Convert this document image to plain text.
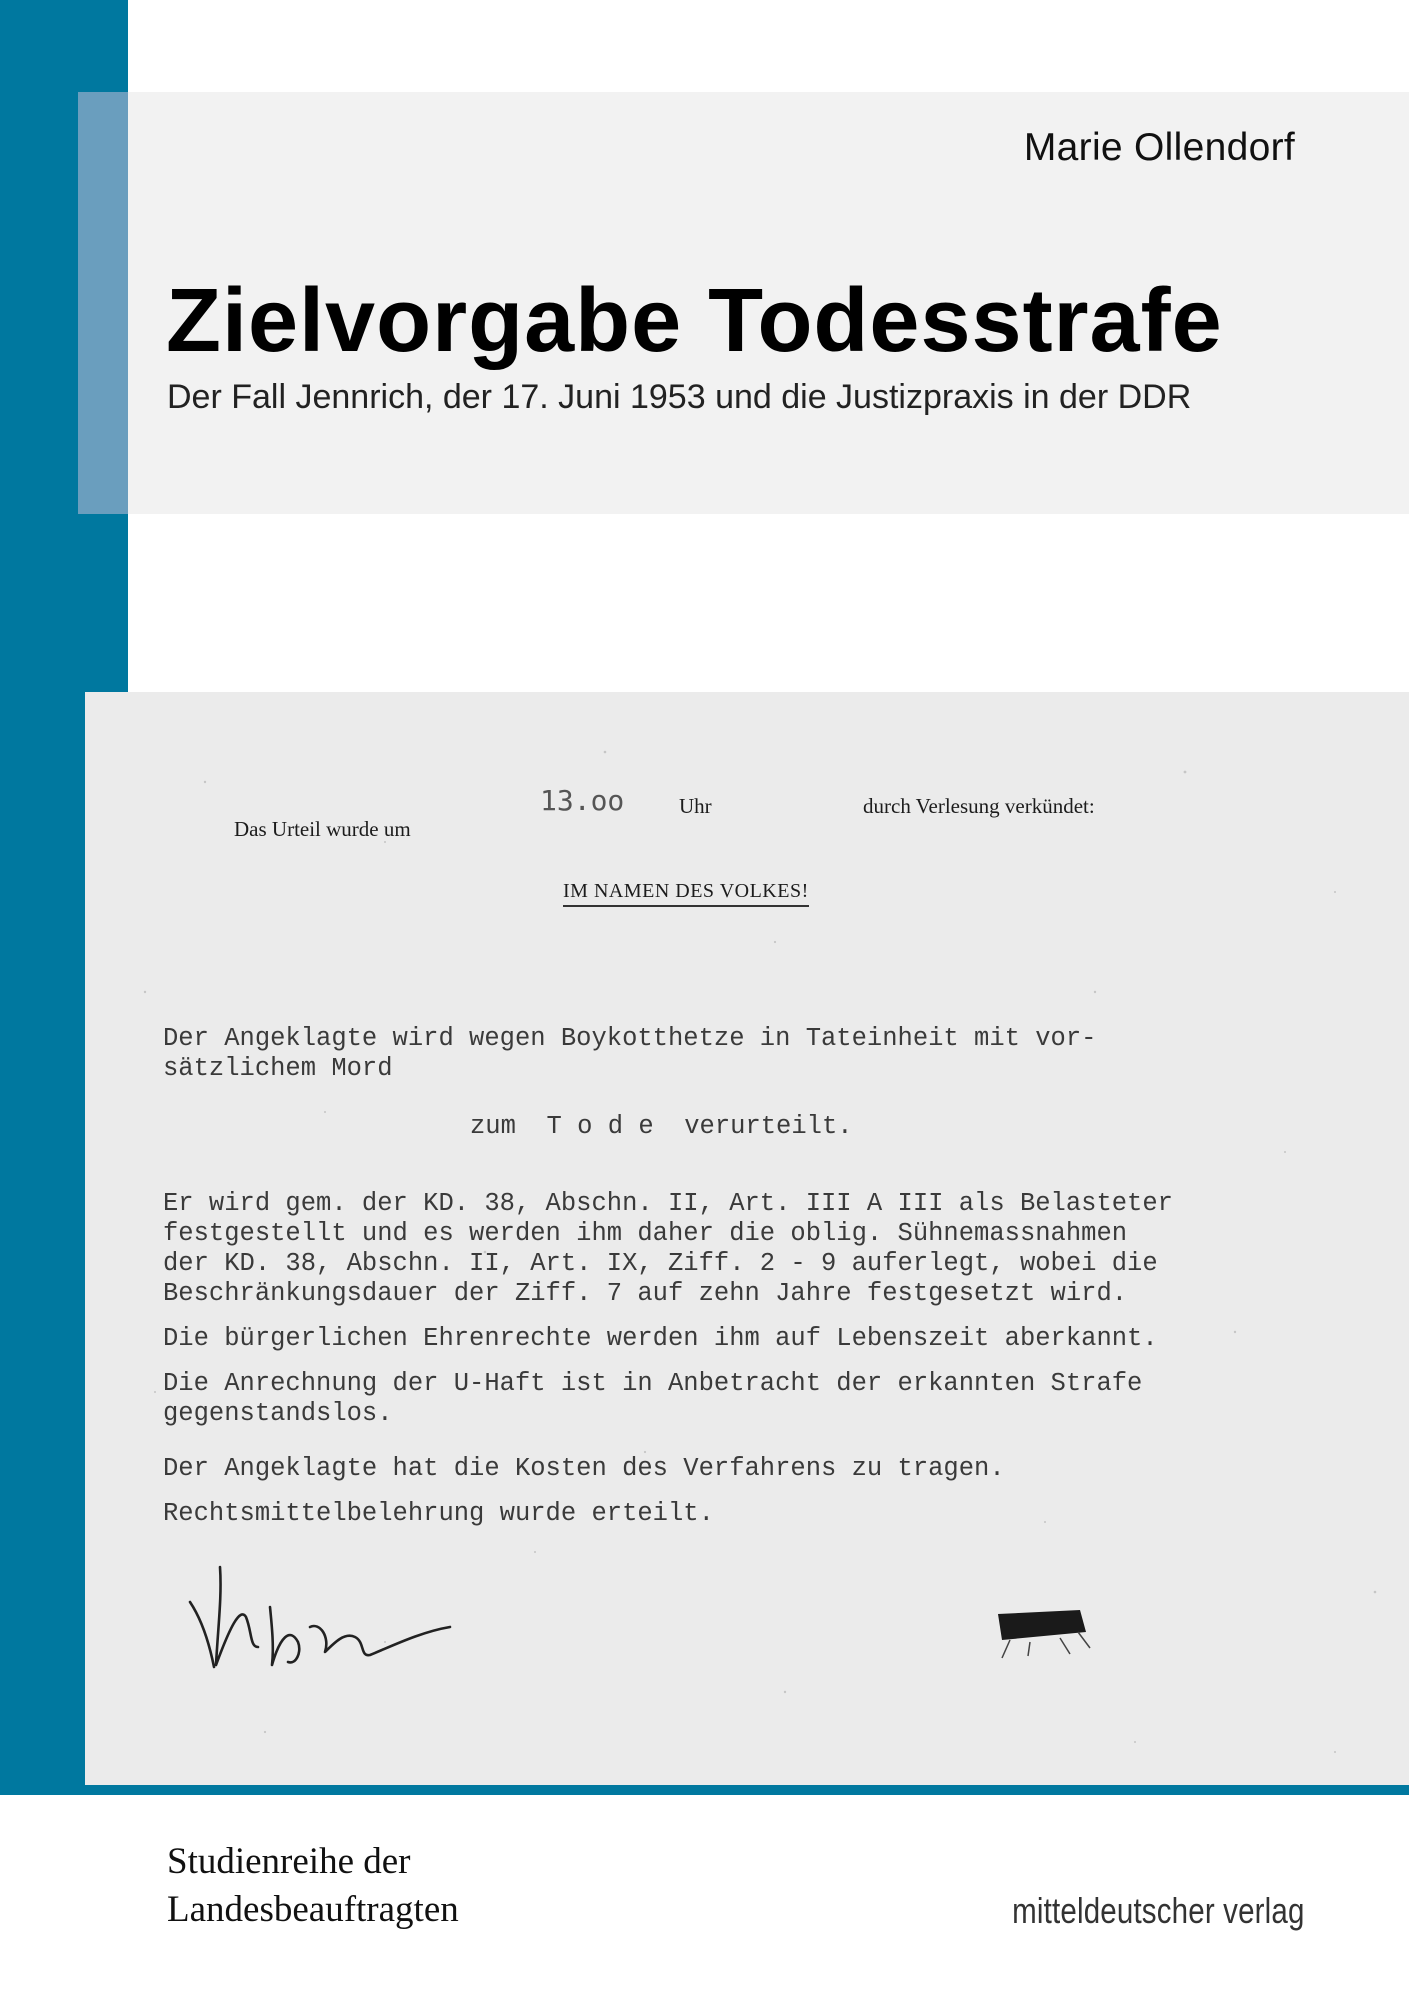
Marie Ollendorf
Zielvorgabe Todesstrafe
Der Fall Jennrich, der 17. Juni 1953 und die Justizpraxis in der DDR

Das Urteil wurde um

13.oo	Uhr	durch Verlesung verkündet:
IM NAMEN DES VOLKES!
Der Angeklagte wird wegen Boykotthetze in Tateinheit mit vor-
sätzlichem Mord
zum  T o d e  verurteilt.
Er wird gem. der KD. 38, Abschn. II, Art. III A III als Belasteter
festgestellt und es werden ihm daher die oblig. Sühnemassnahmen
der KD. 38, Abschn. II, Art. IX, Ziff. 2 - 9 auferlegt, wobei die
Beschränkungsdauer der Ziff. 7 auf zehn Jahre festgesetzt wird.
Die bürgerlichen Ehrenrechte werden ihm auf Lebenszeit aberkannt.
Die Anrechnung der U-Haft ist in Anbetracht der erkannten Strafe
gegenstandslos.
Der Angeklagte hat die Kosten des Verfahrens zu tragen.
Rechtsmittelbelehrung wurde erteilt.
Studienreihe der
Landesbeauftragten	mitteldeutscher verlag
